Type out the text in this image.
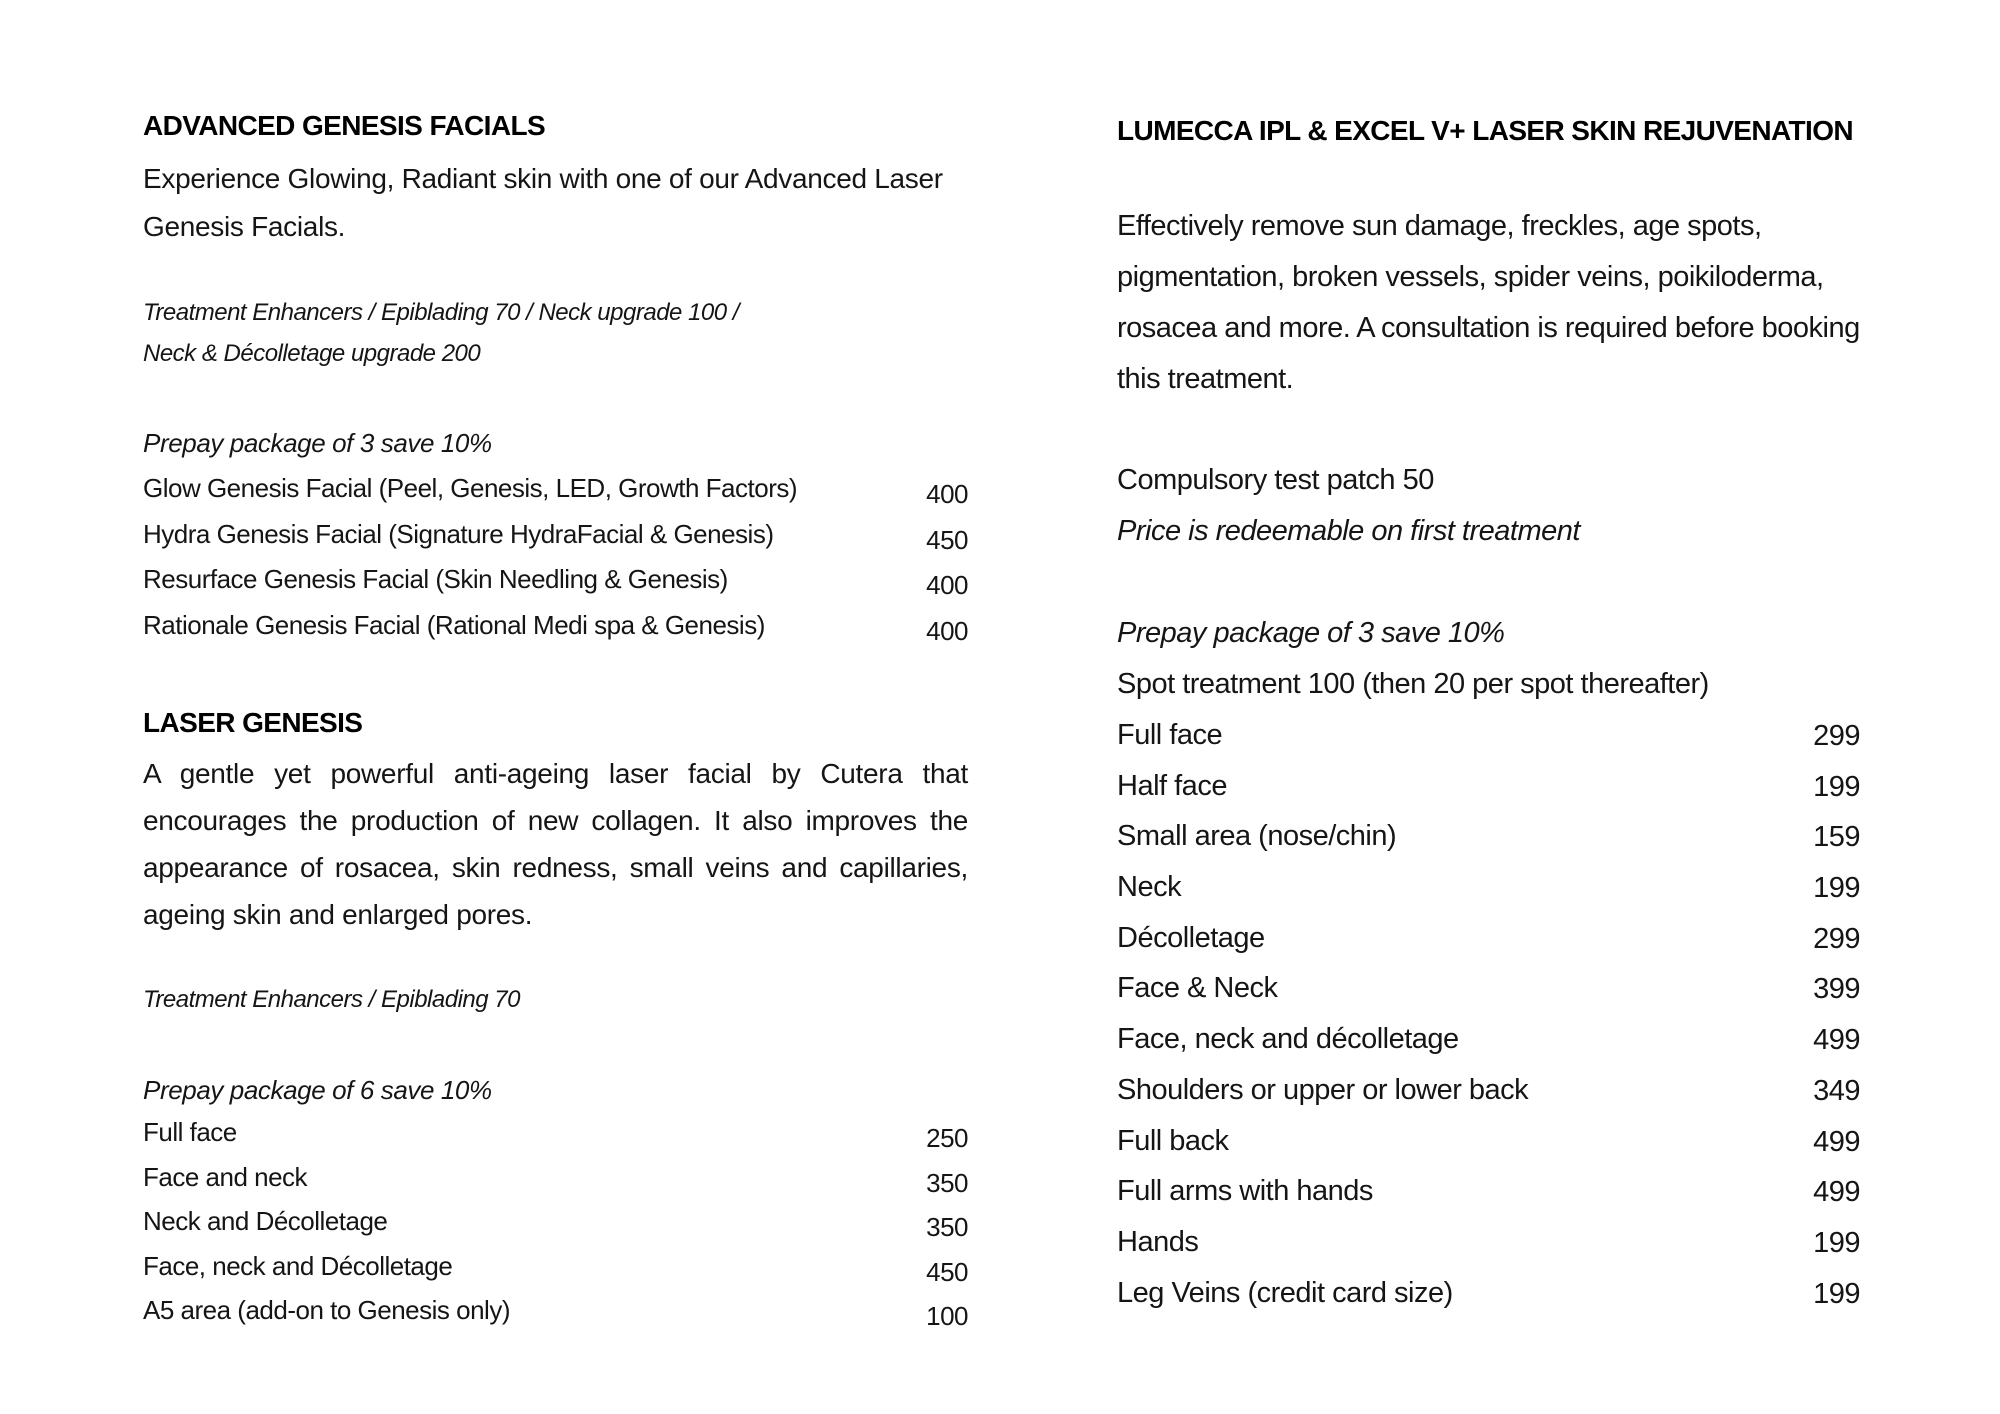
ADVANCED GENESIS FACIALS

Experience Glowing, Radiant skin with one of our Advanced Laser
Genesis Facials.

Treatment Enhancers / Epiblading 70 / Neck upgrade 100 /
Neck & Décolletage upgrade 200

Prepay package of 3 save 10%

Glow Genesis Facial (Peel, Genesis, LED, Growth Factors)	400
Hydra Genesis Facial (Signature HydraFacial & Genesis)	450
Resurface Genesis Facial (Skin Needling & Genesis)	400
Rationale Genesis Facial (Rational Medi spa & Genesis)	400
LASER GENESIS

A gentle yet powerful anti-ageing laser facial by Cutera that encourages the production of new collagen. It also improves the appearance of rosacea, skin redness, small veins and capillaries, ageing skin and enlarged pores.

Treatment Enhancers / Epiblading 70

Prepay package of 6 save 10%

Full face	250
Face and neck	350
Neck and Décolletage	350
Face, neck and Décolletage	450
A5 area (add-on to Genesis only)	100
LUMECCA IPL & EXCEL V+ LASER SKIN REJUVENATION

Effectively remove sun damage, freckles, age spots, pigmentation, broken vessels, spider veins, poikiloderma, rosacea and more. A consultation is required before booking this treatment.

Compulsory test patch 50

Price is redeemable on first treatment

Prepay package of 3 save 10%

Spot treatment 100 (then 20 per spot thereafter)

Full face	299
Half face	199
Small area (nose/chin)	159
Neck	199
Décolletage	299
Face & Neck	399
Face, neck and décolletage	499
Shoulders or upper or lower back	349
Full back	499
Full arms with hands	499
Hands	199
Leg Veins (credit card size)	199
